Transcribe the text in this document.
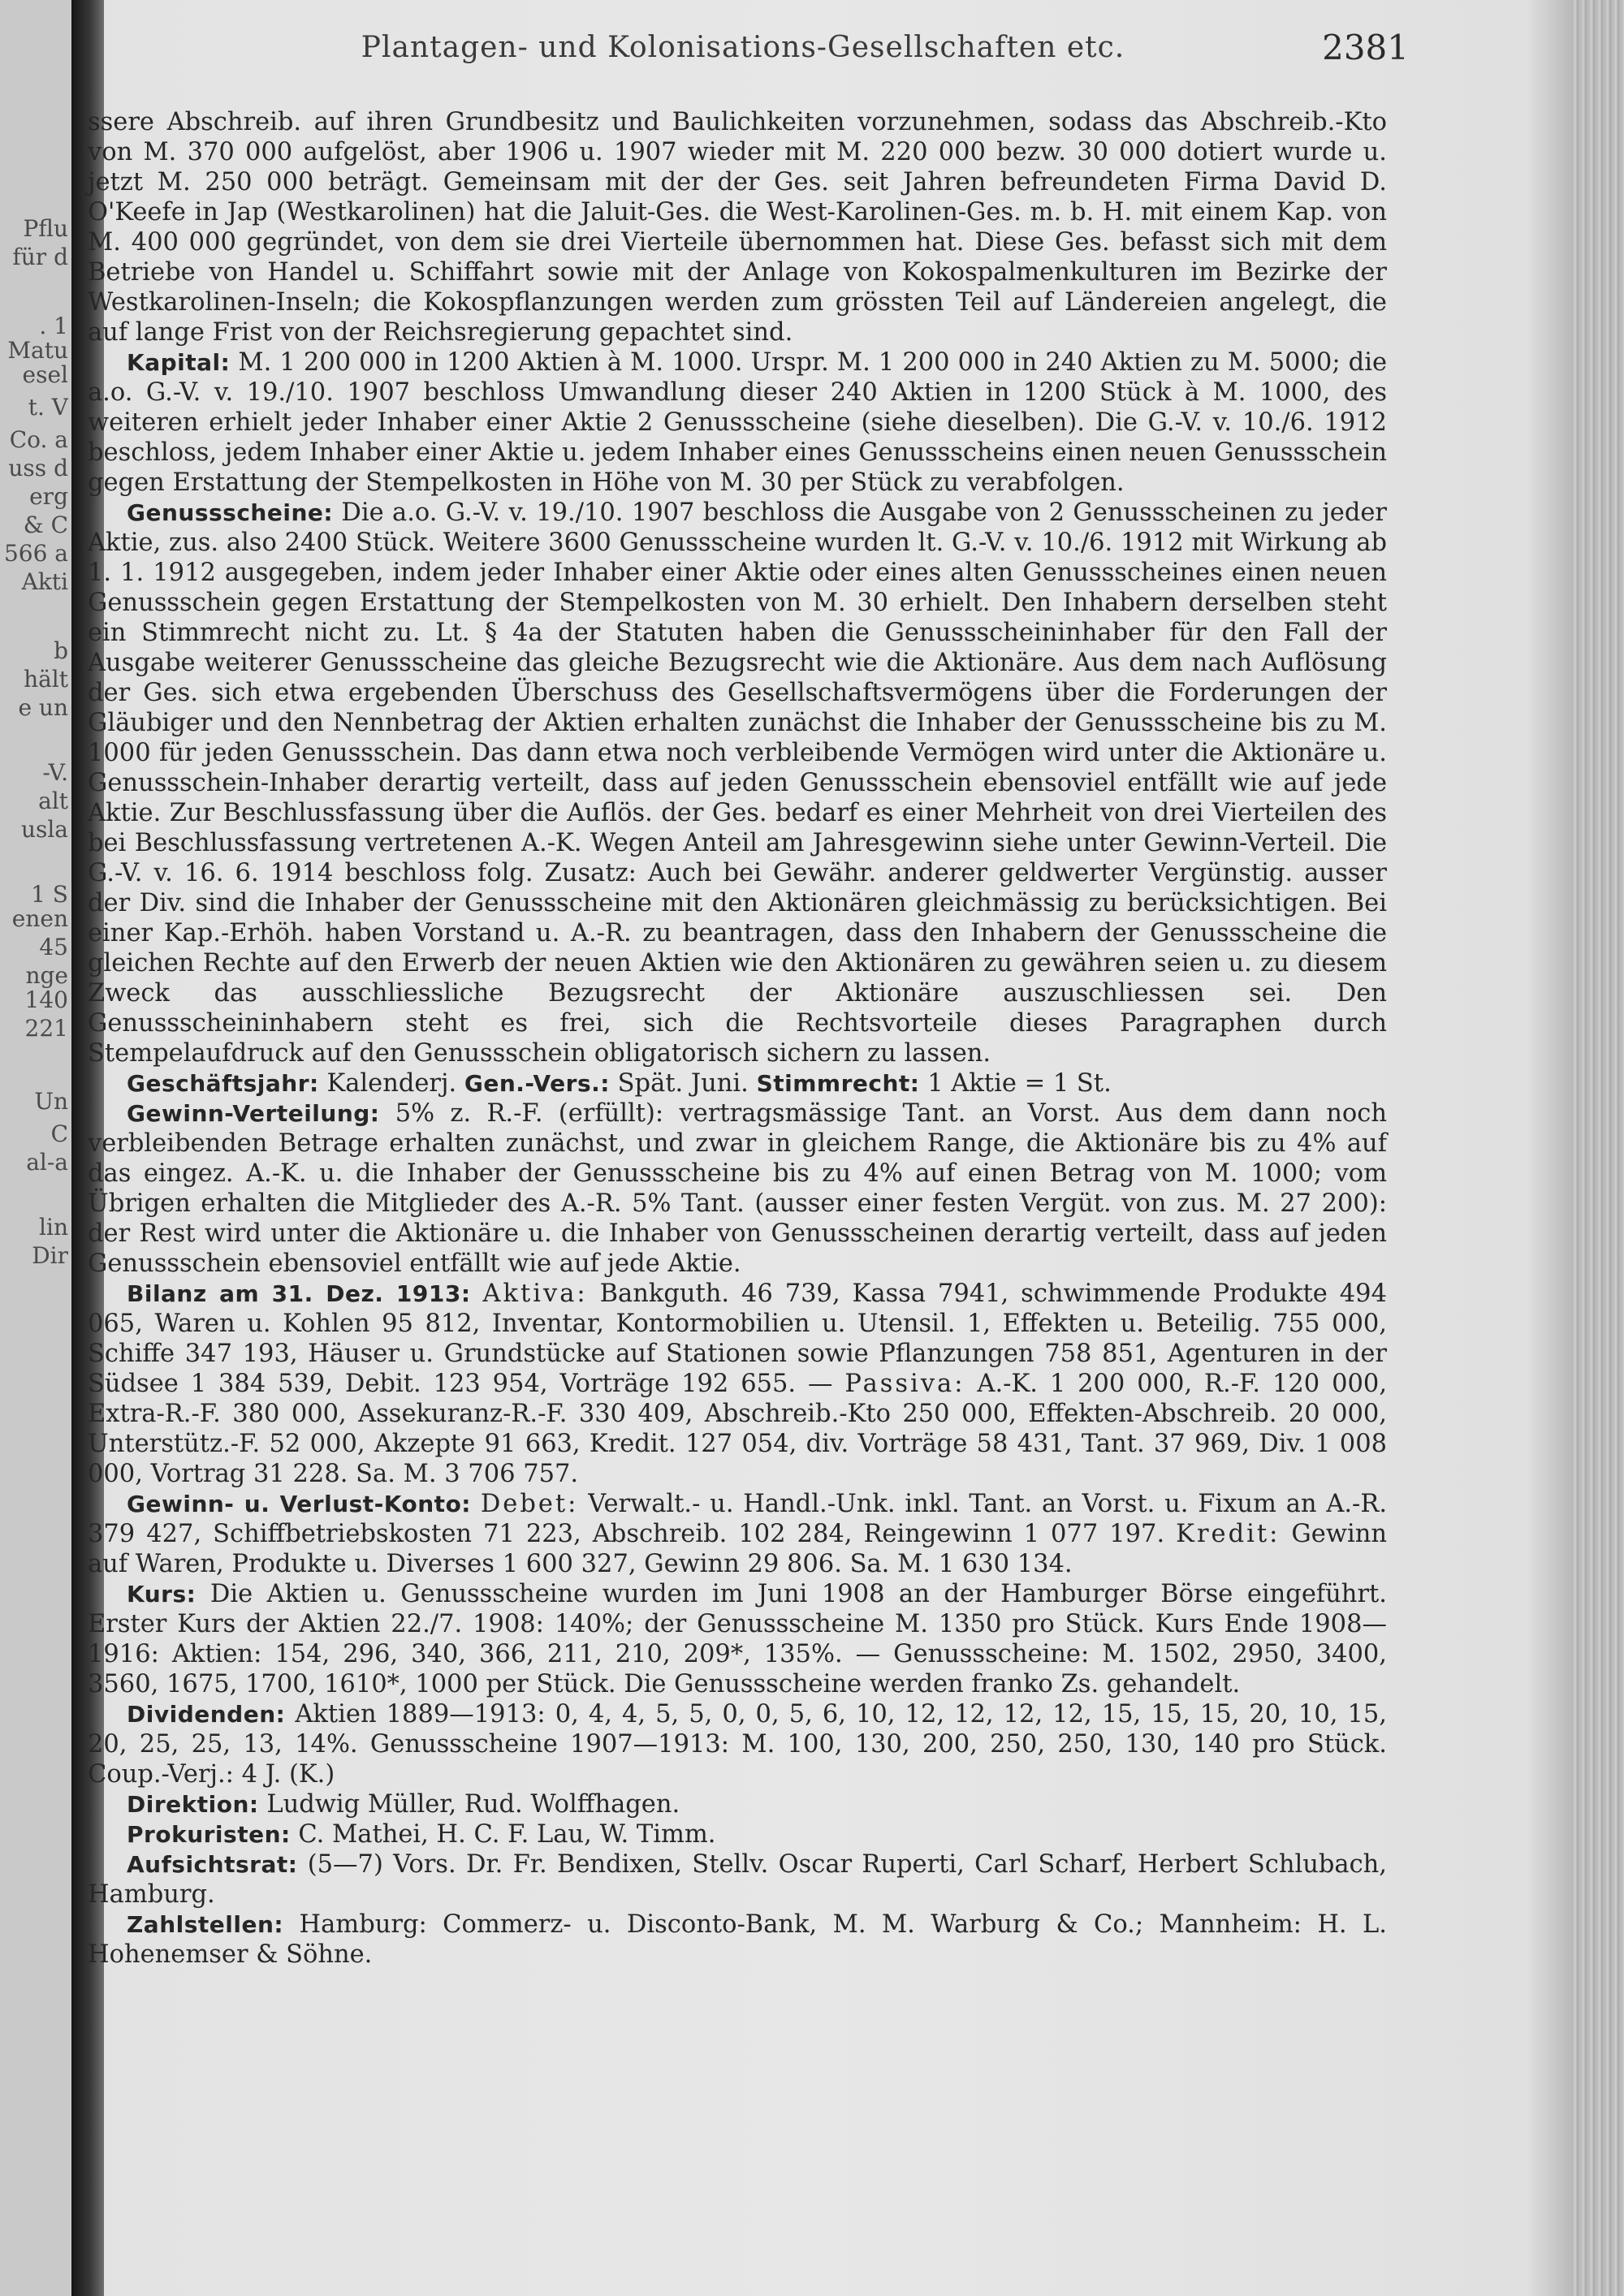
Pflu
für d
. 1
Matu
esel
t. V
Co. a
uss d
erg
& C
566 a
Akti
b
hält
e un
-V.
alt
usla
1 S
enen
45
nge
140
221
Un
C
al-a
lin
Dir
Plantagen- und Kolonisations-Gesellschaften etc.	2381

ssere Abschreib. auf ihren Grundbesitz und Baulichkeiten vorzunehmen, sodass das Abschreib.-Kto von M. 370 000 aufgelöst, aber 1906 u. 1907 wieder mit M. 220 000 bezw. 30 000 dotiert wurde u. jetzt M. 250 000 beträgt. Gemeinsam mit der der Ges. seit Jahren befreundeten Firma David D. O'Keefe in Jap (Westkarolinen) hat die Jaluit-Ges. die West-Karolinen-Ges. m. b. H. mit einem Kap. von M. 400 000 gegründet, von dem sie drei Vierteile übernommen hat. Diese Ges. befasst sich mit dem Betriebe von Handel u. Schiffahrt sowie mit der Anlage von Kokospalmenkulturen im Bezirke der Westkarolinen-Inseln; die Kokospflanzungen werden zum grössten Teil auf Ländereien angelegt, die auf lange Frist von der Reichsregierung gepachtet sind.

Kapital: M. 1 200 000 in 1200 Aktien à M. 1000. Urspr. M. 1 200 000 in 240 Aktien zu M. 5000; die a.o. G.-V. v. 19./10. 1907 beschloss Umwandlung dieser 240 Aktien in 1200 Stück à M. 1000, des weiteren erhielt jeder Inhaber einer Aktie 2 Genussscheine (siehe dieselben). Die G.-V. v. 10./6. 1912 beschloss, jedem Inhaber einer Aktie u. jedem Inhaber eines Genussscheins einen neuen Genussschein gegen Erstattung der Stempelkosten in Höhe von M. 30 per Stück zu verabfolgen.

Genussscheine: Die a.o. G.-V. v. 19./10. 1907 beschloss die Ausgabe von 2 Genussscheinen zu jeder Aktie, zus. also 2400 Stück. Weitere 3600 Genussscheine wurden lt. G.-V. v. 10./6. 1912 mit Wirkung ab 1. 1. 1912 ausgegeben, indem jeder Inhaber einer Aktie oder eines alten Genussscheines einen neuen Genussschein gegen Erstattung der Stempelkosten von M. 30 erhielt. Den Inhabern derselben steht ein Stimmrecht nicht zu. Lt. § 4a der Statuten haben die Genussscheininhaber für den Fall der Ausgabe weiterer Genussscheine das gleiche Bezugsrecht wie die Aktionäre. Aus dem nach Auflösung der Ges. sich etwa ergebenden Überschuss des Gesellschaftsvermögens über die Forderungen der Gläubiger und den Nennbetrag der Aktien erhalten zunächst die Inhaber der Genussscheine bis zu M. 1000 für jeden Genussschein. Das dann etwa noch verbleibende Vermögen wird unter die Aktionäre u. Genussschein-Inhaber derartig verteilt, dass auf jeden Genussschein ebensoviel entfällt wie auf jede Aktie. Zur Beschlussfassung über die Auflös. der Ges. bedarf es einer Mehrheit von drei Vierteilen des bei Beschlussfassung vertretenen A.-K. Wegen Anteil am Jahresgewinn siehe unter Gewinn-Verteil. Die G.-V. v. 16. 6. 1914 beschloss folg. Zusatz: Auch bei Gewähr. anderer geldwerter Vergünstig. ausser der Div. sind die Inhaber der Genussscheine mit den Aktionären gleichmässig zu berücksichtigen. Bei einer Kap.-Erhöh. haben Vorstand u. A.-R. zu beantragen, dass den Inhabern der Genussscheine die gleichen Rechte auf den Erwerb der neuen Aktien wie den Aktionären zu gewähren seien u. zu diesem Zweck das ausschliessliche Bezugsrecht der Aktionäre auszuschliessen sei. Den Genussscheininhabern steht es frei, sich die Rechtsvorteile dieses Paragraphen durch Stempelaufdruck auf den Genussschein obligatorisch sichern zu lassen.

Geschäftsjahr: Kalenderj. Gen.-Vers.: Spät. Juni. Stimmrecht: 1 Aktie = 1 St.

Gewinn-Verteilung: 5% z. R.-F. (erfüllt): vertragsmässige Tant. an Vorst. Aus dem dann noch verbleibenden Betrage erhalten zunächst, und zwar in gleichem Range, die Aktionäre bis zu 4% auf das eingez. A.-K. u. die Inhaber der Genussscheine bis zu 4% auf einen Betrag von M. 1000; vom Übrigen erhalten die Mitglieder des A.-R. 5% Tant. (ausser einer festen Vergüt. von zus. M. 27 200): der Rest wird unter die Aktionäre u. die Inhaber von Genussscheinen derartig verteilt, dass auf jeden Genussschein ebensoviel entfällt wie auf jede Aktie.

Bilanz am 31. Dez. 1913: Aktiva: Bankguth. 46 739, Kassa 7941, schwimmende Produkte 494 065, Waren u. Kohlen 95 812, Inventar, Kontormobilien u. Utensil. 1, Effekten u. Beteilig. 755 000, Schiffe 347 193, Häuser u. Grundstücke auf Stationen sowie Pflanzungen 758 851, Agenturen in der Südsee 1 384 539, Debit. 123 954, Vorträge 192 655. — Passiva: A.-K. 1 200 000, R.-F. 120 000, Extra-R.-F. 380 000, Assekuranz-R.-F. 330 409, Abschreib.-Kto 250 000, Effekten-Abschreib. 20 000, Unterstütz.-F. 52 000, Akzepte 91 663, Kredit. 127 054, div. Vorträge 58 431, Tant. 37 969, Div. 1 008 000, Vortrag 31 228. Sa. M. 3 706 757.

Gewinn- u. Verlust-Konto: Debet: Verwalt.- u. Handl.-Unk. inkl. Tant. an Vorst. u. Fixum an A.-R. 379 427, Schiffbetriebskosten 71 223, Abschreib. 102 284, Reingewinn 1 077 197. Kredit: Gewinn auf Waren, Produkte u. Diverses 1 600 327, Gewinn 29 806. Sa. M. 1 630 134.

Kurs: Die Aktien u. Genussscheine wurden im Juni 1908 an der Hamburger Börse eingeführt. Erster Kurs der Aktien 22./7. 1908: 140%; der Genussscheine M. 1350 pro Stück. Kurs Ende 1908—1916: Aktien: 154, 296, 340, 366, 211, 210, 209*, 135%. — Genussscheine: M. 1502, 2950, 3400, 3560, 1675, 1700, 1610*, 1000 per Stück. Die Genussscheine werden franko Zs. gehandelt.

Dividenden: Aktien 1889—1913: 0, 4, 4, 5, 5, 0, 0, 5, 6, 10, 12, 12, 12, 12, 15, 15, 15, 20, 10, 15, 20, 25, 25, 13, 14%. Genussscheine 1907—1913: M. 100, 130, 200, 250, 250, 130, 140 pro Stück. Coup.-Verj.: 4 J. (K.)

Direktion: Ludwig Müller, Rud. Wolffhagen.

Prokuristen: C. Mathei, H. C. F. Lau, W. Timm.

Aufsichtsrat: (5—7) Vors. Dr. Fr. Bendixen, Stellv. Oscar Ruperti, Carl Scharf, Herbert Schlubach, Hamburg.

Zahlstellen: Hamburg: Commerz- u. Disconto-Bank, M. M. Warburg & Co.; Mannheim: H. L. Hohenemser & Söhne.
